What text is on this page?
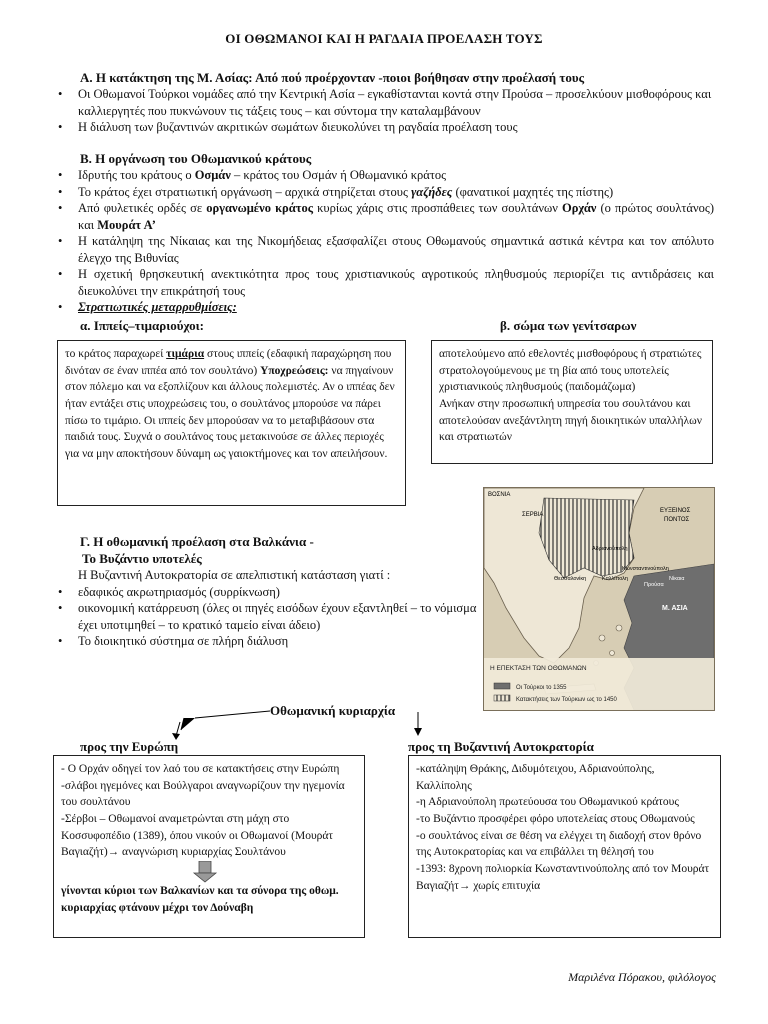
ΟΙ ΟΘΩΜΑΝΟΙ ΚΑΙ Η ΡΑΓΔΑΙΑ ΠΡΟΕΛΑΣΗ ΤΟΥΣ
Α. Η κατάκτηση της Μ. Ασίας: Από πού προέρχονταν -ποιοι βοήθησαν στην προέλασή τους
• Οι Οθωμανοί Τούρκοι νομάδες από την Κεντρική Ασία – εγκαθίστανται κοντά στην Προύσα – προσελκύουν μισθοφόρους και καλλιεργητές που πυκνώνουν τις τάξεις τους – και σύντομα την καταλαμβάνουν
• Η διάλυση των βυζαντινών ακριτικών σωμάτων διευκολύνει τη ραγδαία προέλαση τους
Β. Η οργάνωση του Οθωμανικού κράτους
• Ιδρυτής του κράτους ο Οσμάν – κράτος του Οσμάν ή Οθωμανικό κράτος
• Το κράτος έχει στρατιωτική οργάνωση – αρχικά στηρίζεται στους γαζήδες (φανατικοί μαχητές της πίστης)
• Από φυλετικές ορδές σε οργανωμένο κράτος κυρίως χάρις στις προσπάθειες των σουλτάνων Ορχάν (ο πρώτος σουλτάνος) και Μουράτ Α’
• Η κατάληψη της Νίκαιας και της Νικομήδειας εξασφαλίζει στους Οθωμανούς σημαντικά αστικά κέντρα και τον απόλυτο έλεγχο της Βιθυνίας
• Η σχετική θρησκευτική ανεκτικότητα προς τους χριστιανικούς αγροτικούς πληθυσμούς περιορίζει τις αντιδράσεις και διευκολύνει την επικράτησή τους
• Στρατιωτικές μεταρρυθμίσεις:
α. Ιππείς–τιμαριούχοι:	β. σώμα των γενίτσαρων
το κράτος παραχωρεί τιμάρια στους ιππείς (εδαφική παραχώρηση που δινόταν σε έναν ιππέα από τον σουλτάνο) Υποχρεώσεις: να πηγαίνουν στον πόλεμο και να εξοπλίζουν και άλλους πολεμιστές. Αν ο ιππέας δεν ήταν εντάξει στις υποχρεώσεις του, ο σουλτάνος μπορούσε να πάρει πίσω το τιμάριο. Οι ιππείς δεν μπορούσαν να το μεταβιβάσουν στα παιδιά τους. Συχνά ο σουλτάνος τους μετακινούσε σε άλλες περιοχές για να μην αποκτήσουν δύναμη ως γαιοκτήμονες και τον απειλήσουν.
αποτελούμενο από εθελοντές μισθοφόρους ή στρατιώτες στρατολογούμενους με τη βία από τους υποτελείς χριστιανικούς πληθυσμούς (παιδομάζωμα)
Ανήκαν στην προσωπική υπηρεσία του σουλτάνου και αποτελούσαν ανεξάντλητη πηγή διοικητικών υπαλλήλων και στρατιωτών
Γ. Η οθωμανική προέλαση στα Βαλκάνια -
Το Βυζάντιο υποτελές
Η Βυζαντινή Αυτοκρατορία σε απελπιστική κατάσταση γιατί :
• εδαφικός ακρωτηριασμός (συρρίκνωση)
• οικονομική κατάρρευση (όλες οι πηγές εισόδων έχουν εξαντληθεί – το νόμισμα έχει υποτιμηθεί – το κρατικό ταμείο είναι άδειο)
• Το διοικητικό σύστημα σε πλήρη διάλυση
Η ΕΠΕΚΤΑΣΗ ΤΩΝ ΟΘΩΜΑΝΩΝ
Οι Τούρκοι το 1355
Κατακτήσεις των Τούρκων ως το 1450
ΒΟΣΝΙΑ
ΣΕΡΒΙΑ
ΕΥΞΕΙΝΟΣ
ΠΟΝΤΟΣ
Κωνσταντινούπολη
Προύσα
Νίκαια
Μ. ΑΣΙΑ
Θεσσαλονίκη
Αδριανούπολη
Καλλίπολη
Οθωμανική κυριαρχία
προς την Ευρώπη	προς τη Βυζαντινή Αυτοκρατορία
- Ο Ορχάν οδηγεί τον λαό του σε κατακτήσεις στην Ευρώπη
-σλάβοι ηγεμόνες και Βούλγαροι αναγνωρίζουν την ηγεμονία του σουλτάνου
-Σέρβοι – Οθωμανοί αναμετρώνται στη μάχη στο Κοσσυφοπέδιο (1389), όπου νικούν οι Οθωμανοί (Μουράτ Βαγιαζήτ)→ αναγνώριση κυριαρχίας Σουλτάνου
γίνονται κύριοι των Βαλκανίων και τα σύνορα της οθωμ. κυριαρχίας φτάνουν μέχρι τον Δούναβη
-κατάληψη Θράκης, Διδυμότειχου, Αδριανούπολης, Καλλίπολης
-η Αδριανούπολη πρωτεύουσα του Οθωμανικού κράτους
-το Βυζάντιο προσφέρει φόρο υποτελείας στους Οθωμανούς
-ο σουλτάνος είναι σε θέση να ελέγχει τη διαδοχή στον θρόνο της Αυτοκρατορίας και να επιβάλλει τη θέλησή του
-1393: 8χρονη πολιορκία Κωνσταντινούπολης από τον Μουράτ Βαγιαζήτ→ χωρίς επιτυχία
Μαριλένα Πόρακου, φιλόλογος
